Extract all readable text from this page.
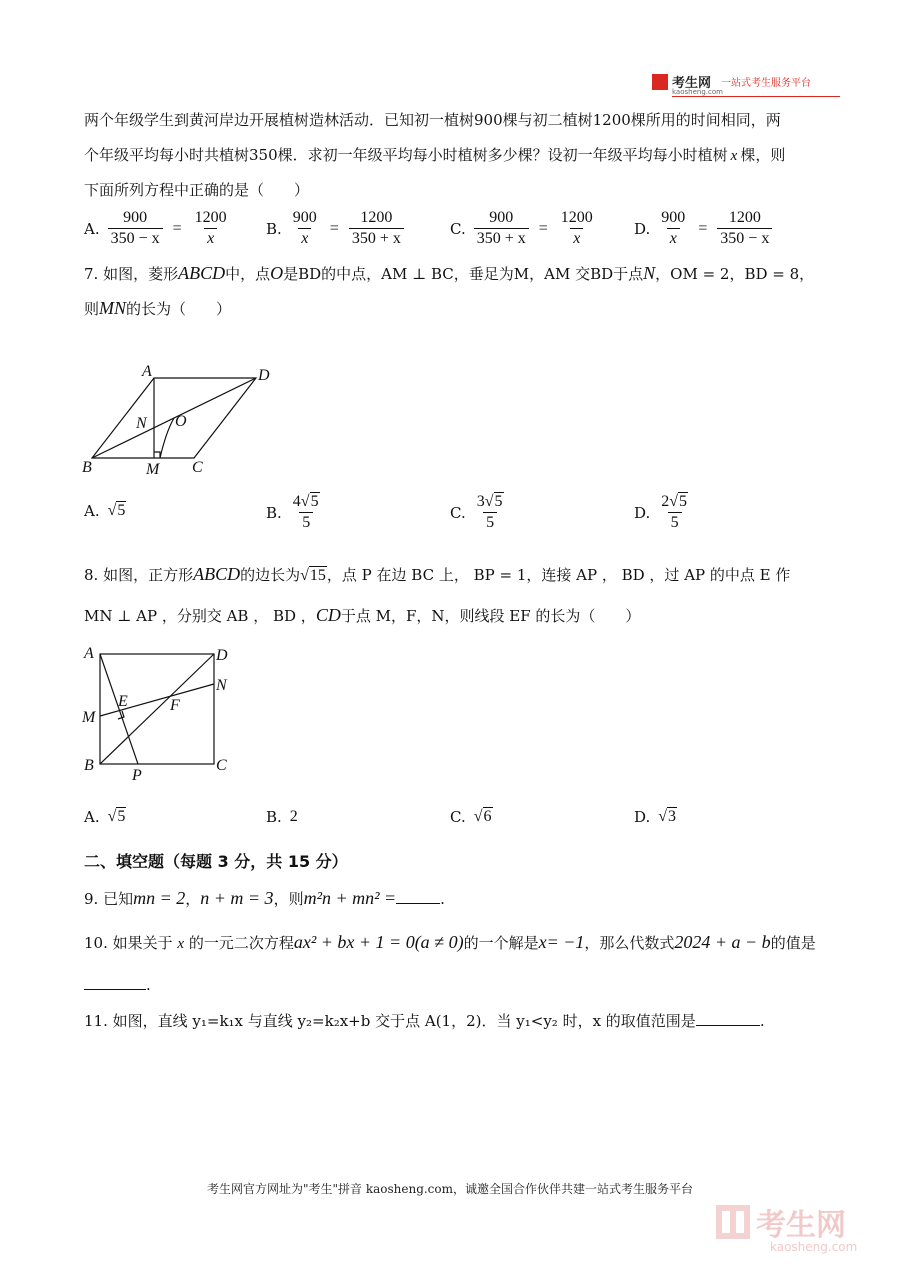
考生网 一站式考生服务平台
kaosheng.com
两个年级学生到黄河岸边开展植树造林活动．已知初一植树900棵与初二植树1200棵所用的时间相同，两
个年级平均每小时共植树350棵．求初一年级平均每小时植树多少棵？设初一年级平均每小时植树 x 棵，则
下面所列方程中正确的是（　　）
A. $\frac{900}{350 - x} = \frac{1200}{x} B$. $\frac{900}{x} = \frac{1200}{350 + x}$	C. $\frac{900}{350 + x} = \frac{1200}{x}$	D. $\frac{900}{x} = \frac{1200}{350 - x}$
7. 如图，菱形ABCD中，点O是BD的中点，AM ⊥ BC，垂足为M，AM 交BD于点N，OM = 2，BD = 8，
则MN的长为（　　）
A	D
N O
B	M C
A. √5	B. $\frac{4√5}{5}$	C. $\frac{3√5}{5}$	D. $\frac{2√5}{5}$
8. 如图，正方形ABCD的边长为√15，点 P 在边 BC 上， BP = 1，连接 AP ， BD ，过 AP 的中点 E 作
MN ⊥ AP ，分别交 AB ， BD ，CD于点 M，F，N，则线段 EF 的长为（　　）
A	D
N
E	F
M
B	C
P
A. √5	B. 2	C. √6	D. √3
二、填空题（每题 3 分，共 15 分）
9. 已知mn = 2，n + m = 3，则m²n + mn² =	.
10. 如果关于 x 的一元二次方程ax² + bx + 1 = 0(a ≠ 0)的一个解是x= −1，那么代数式2024 + a − b的值是
.
11. 如图，直线 y₁=k₁x 与直线 y₂=k₂x+b 交于点 A(1，2)．当 y₁<y₂ 时，x 的取值范围是	.
考生网官方网址为"考生"拼音 kaosheng.com，诚邀全国合作伙伴共建一站式考生服务平台
考生网
kaosheng.com
